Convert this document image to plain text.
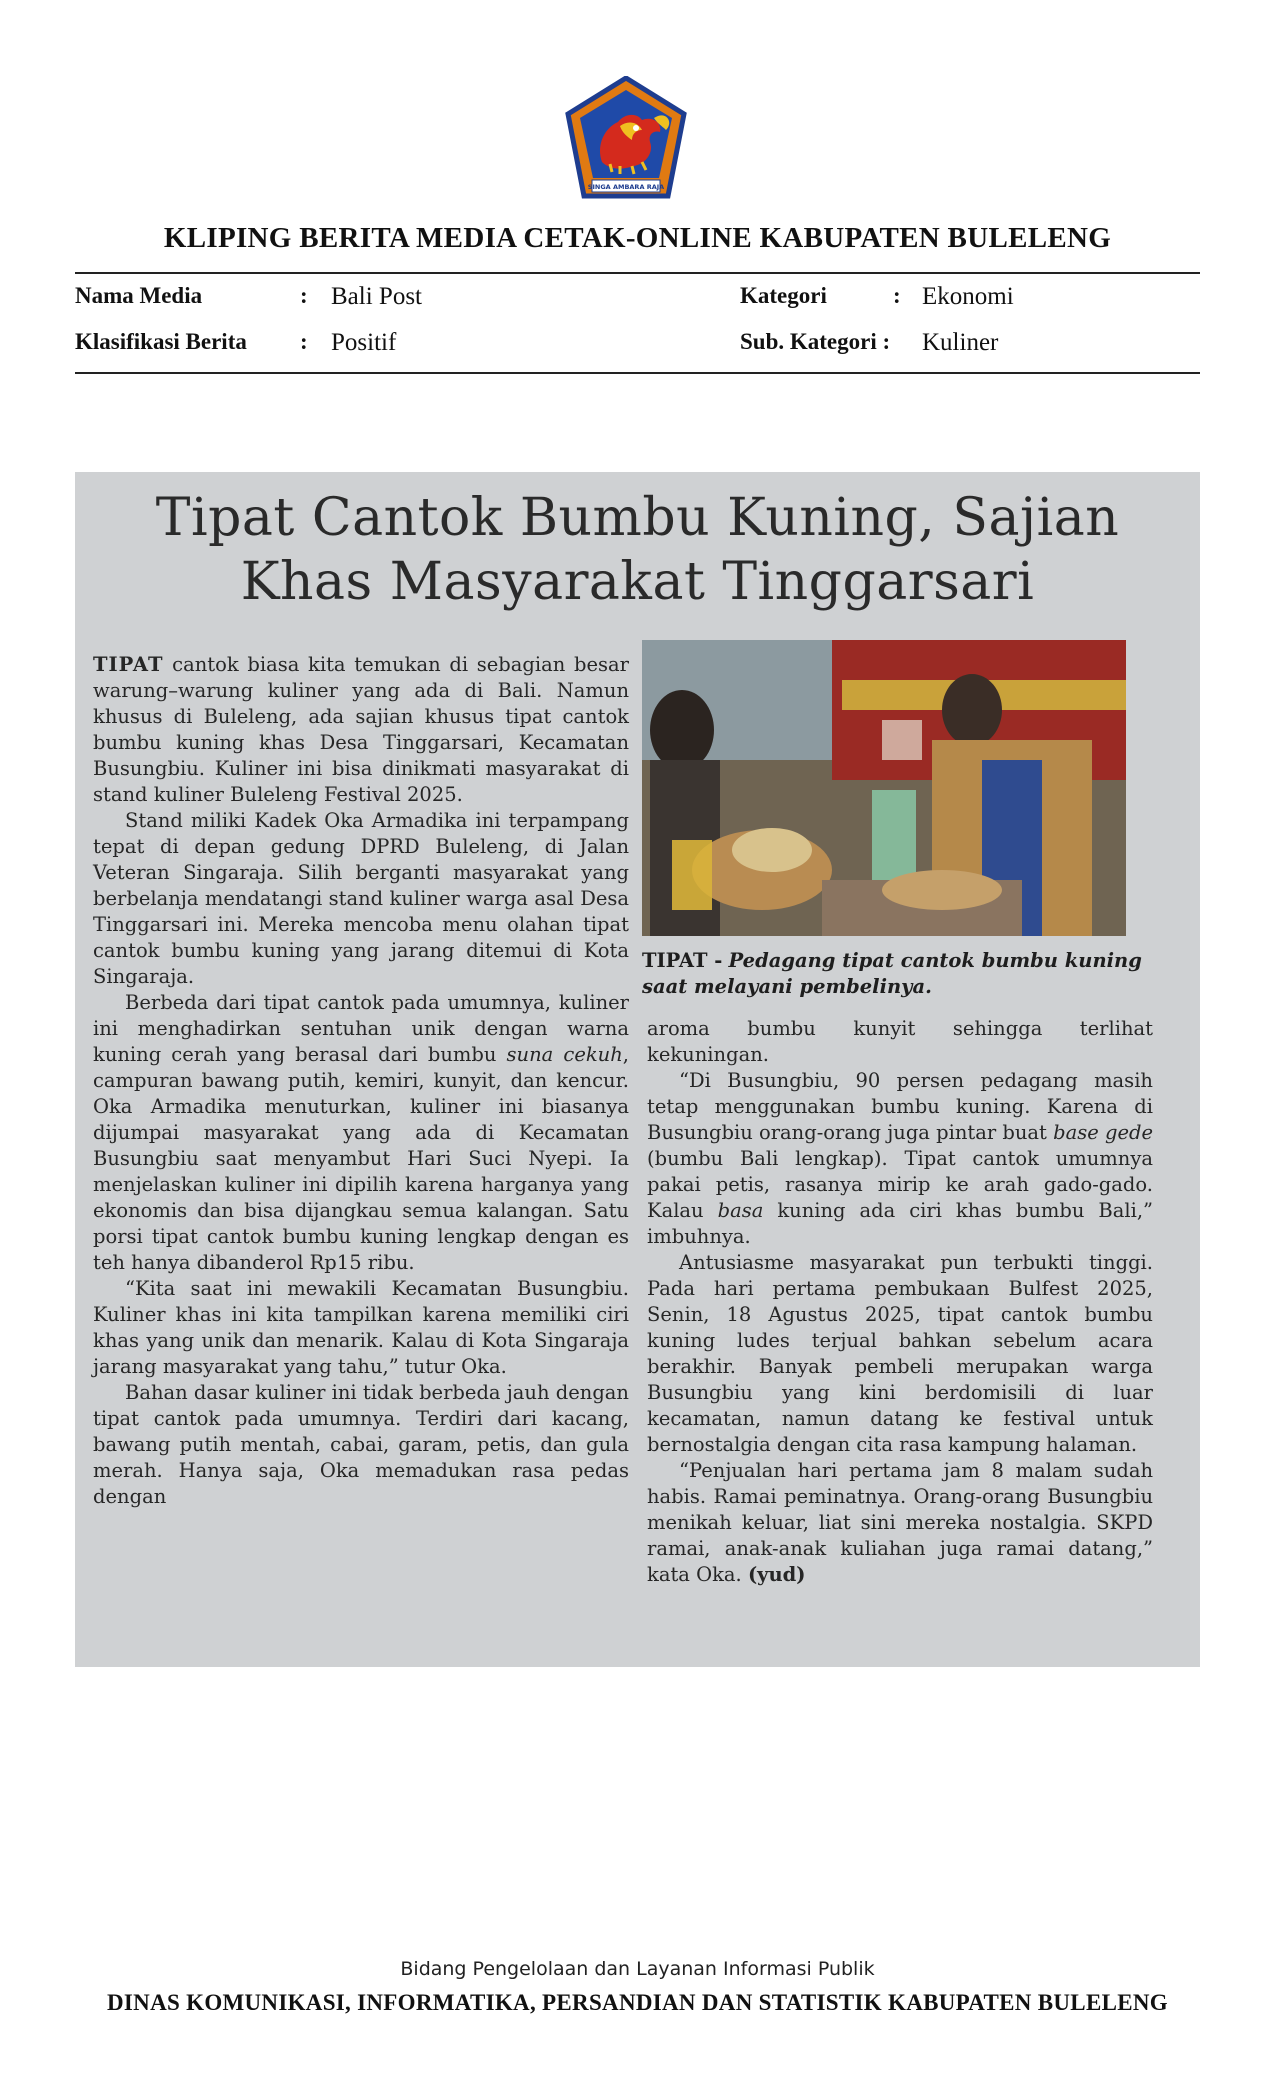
SINGA AMBARA RAJA
KLIPING BERITA MEDIA CETAK-ONLINE KABUPATEN BULELENG
Nama Media	: Bali Post
Klasifikasi Berita : Positif
Kategori	: Ekonomi
Sub. Kategori : Kuliner
Tipat Cantok Bumbu Kuning, Sajian
Khas Masyarakat Tinggarsari

TIPAT cantok biasa kita temukan di sebagian besar warung–warung kuliner yang ada di Bali. Namun khusus di Buleleng, ada sajian khusus tipat cantok bumbu kuning khas Desa Tinggarsari, Kecamatan Busungbiu. Kuliner ini bisa dinikmati masyarakat di stand kuliner Buleleng Festival 2025.

Stand miliki Kadek Oka Armadika ini terpampang tepat di depan gedung DPRD Buleleng, di Jalan Veteran Singaraja. Silih berganti masyarakat yang berbelanja mendatangi stand kuliner warga asal Desa Tinggarsari ini. Mereka mencoba menu olahan tipat cantok bumbu kuning yang jarang ditemui di Kota Singaraja.

Berbeda dari tipat cantok pada umumnya, kuliner ini menghadirkan sentuhan unik dengan warna kuning cerah yang berasal dari bumbu suna cekuh, campuran bawang putih, kemiri, kunyit, dan kencur. Oka Armadika menuturkan, kuliner ini biasanya dijumpai masyarakat yang ada di Kecamatan Busungbiu saat menyambut Hari Suci Nyepi. Ia menjelaskan kuliner ini dipilih karena harganya yang ekonomis dan bisa dijangkau semua kalangan. Satu porsi tipat cantok bumbu kuning lengkap dengan es teh hanya dibanderol Rp15 ribu.

“Kita saat ini mewakili Kecamatan Busungbiu. Kuliner khas ini kita tampilkan karena memiliki ciri khas yang unik dan menarik. Kalau di Kota Singaraja jarang masyarakat yang tahu,” tutur Oka.

Bahan dasar kuliner ini tidak berbeda jauh dengan tipat cantok pada umumnya. Terdiri dari kacang, bawang putih mentah, cabai, garam, petis, dan gula merah. Hanya saja, Oka memadukan rasa pedas dengan

TIPAT - Pedagang tipat cantok bumbu kuning saat melayani pembelinya.

aroma bumbu kunyit sehingga terlihat kekuningan.

“Di Busungbiu, 90 persen pedagang masih tetap menggunakan bumbu kuning. Karena di Busungbiu orang-orang juga pintar buat base gede (bumbu Bali lengkap). Tipat cantok umumnya pakai petis, rasanya mirip ke arah gado-gado. Kalau basa kuning ada ciri khas bumbu Bali,” imbuhnya.

Antusiasme masyarakat pun terbukti tinggi. Pada hari pertama pembukaan Bulfest 2025, Senin, 18 Agustus 2025, tipat cantok bumbu kuning ludes terjual bahkan sebelum acara berakhir. Banyak pembeli merupakan warga Busungbiu yang kini berdomisili di luar kecamatan, namun datang ke festival untuk bernostalgia dengan cita rasa kampung halaman.

“Penjualan hari pertama jam 8 malam sudah habis. Ramai peminatnya. Orang-orang Busungbiu menikah keluar, liat sini mereka nostalgia. SKPD ramai, anak-anak kuliahan juga ramai datang,” kata Oka. (yud)

Bidang Pengelolaan dan Layanan Informasi Publik
DINAS KOMUNIKASI, INFORMATIKA, PERSANDIAN DAN STATISTIK KABUPATEN BULELENG
